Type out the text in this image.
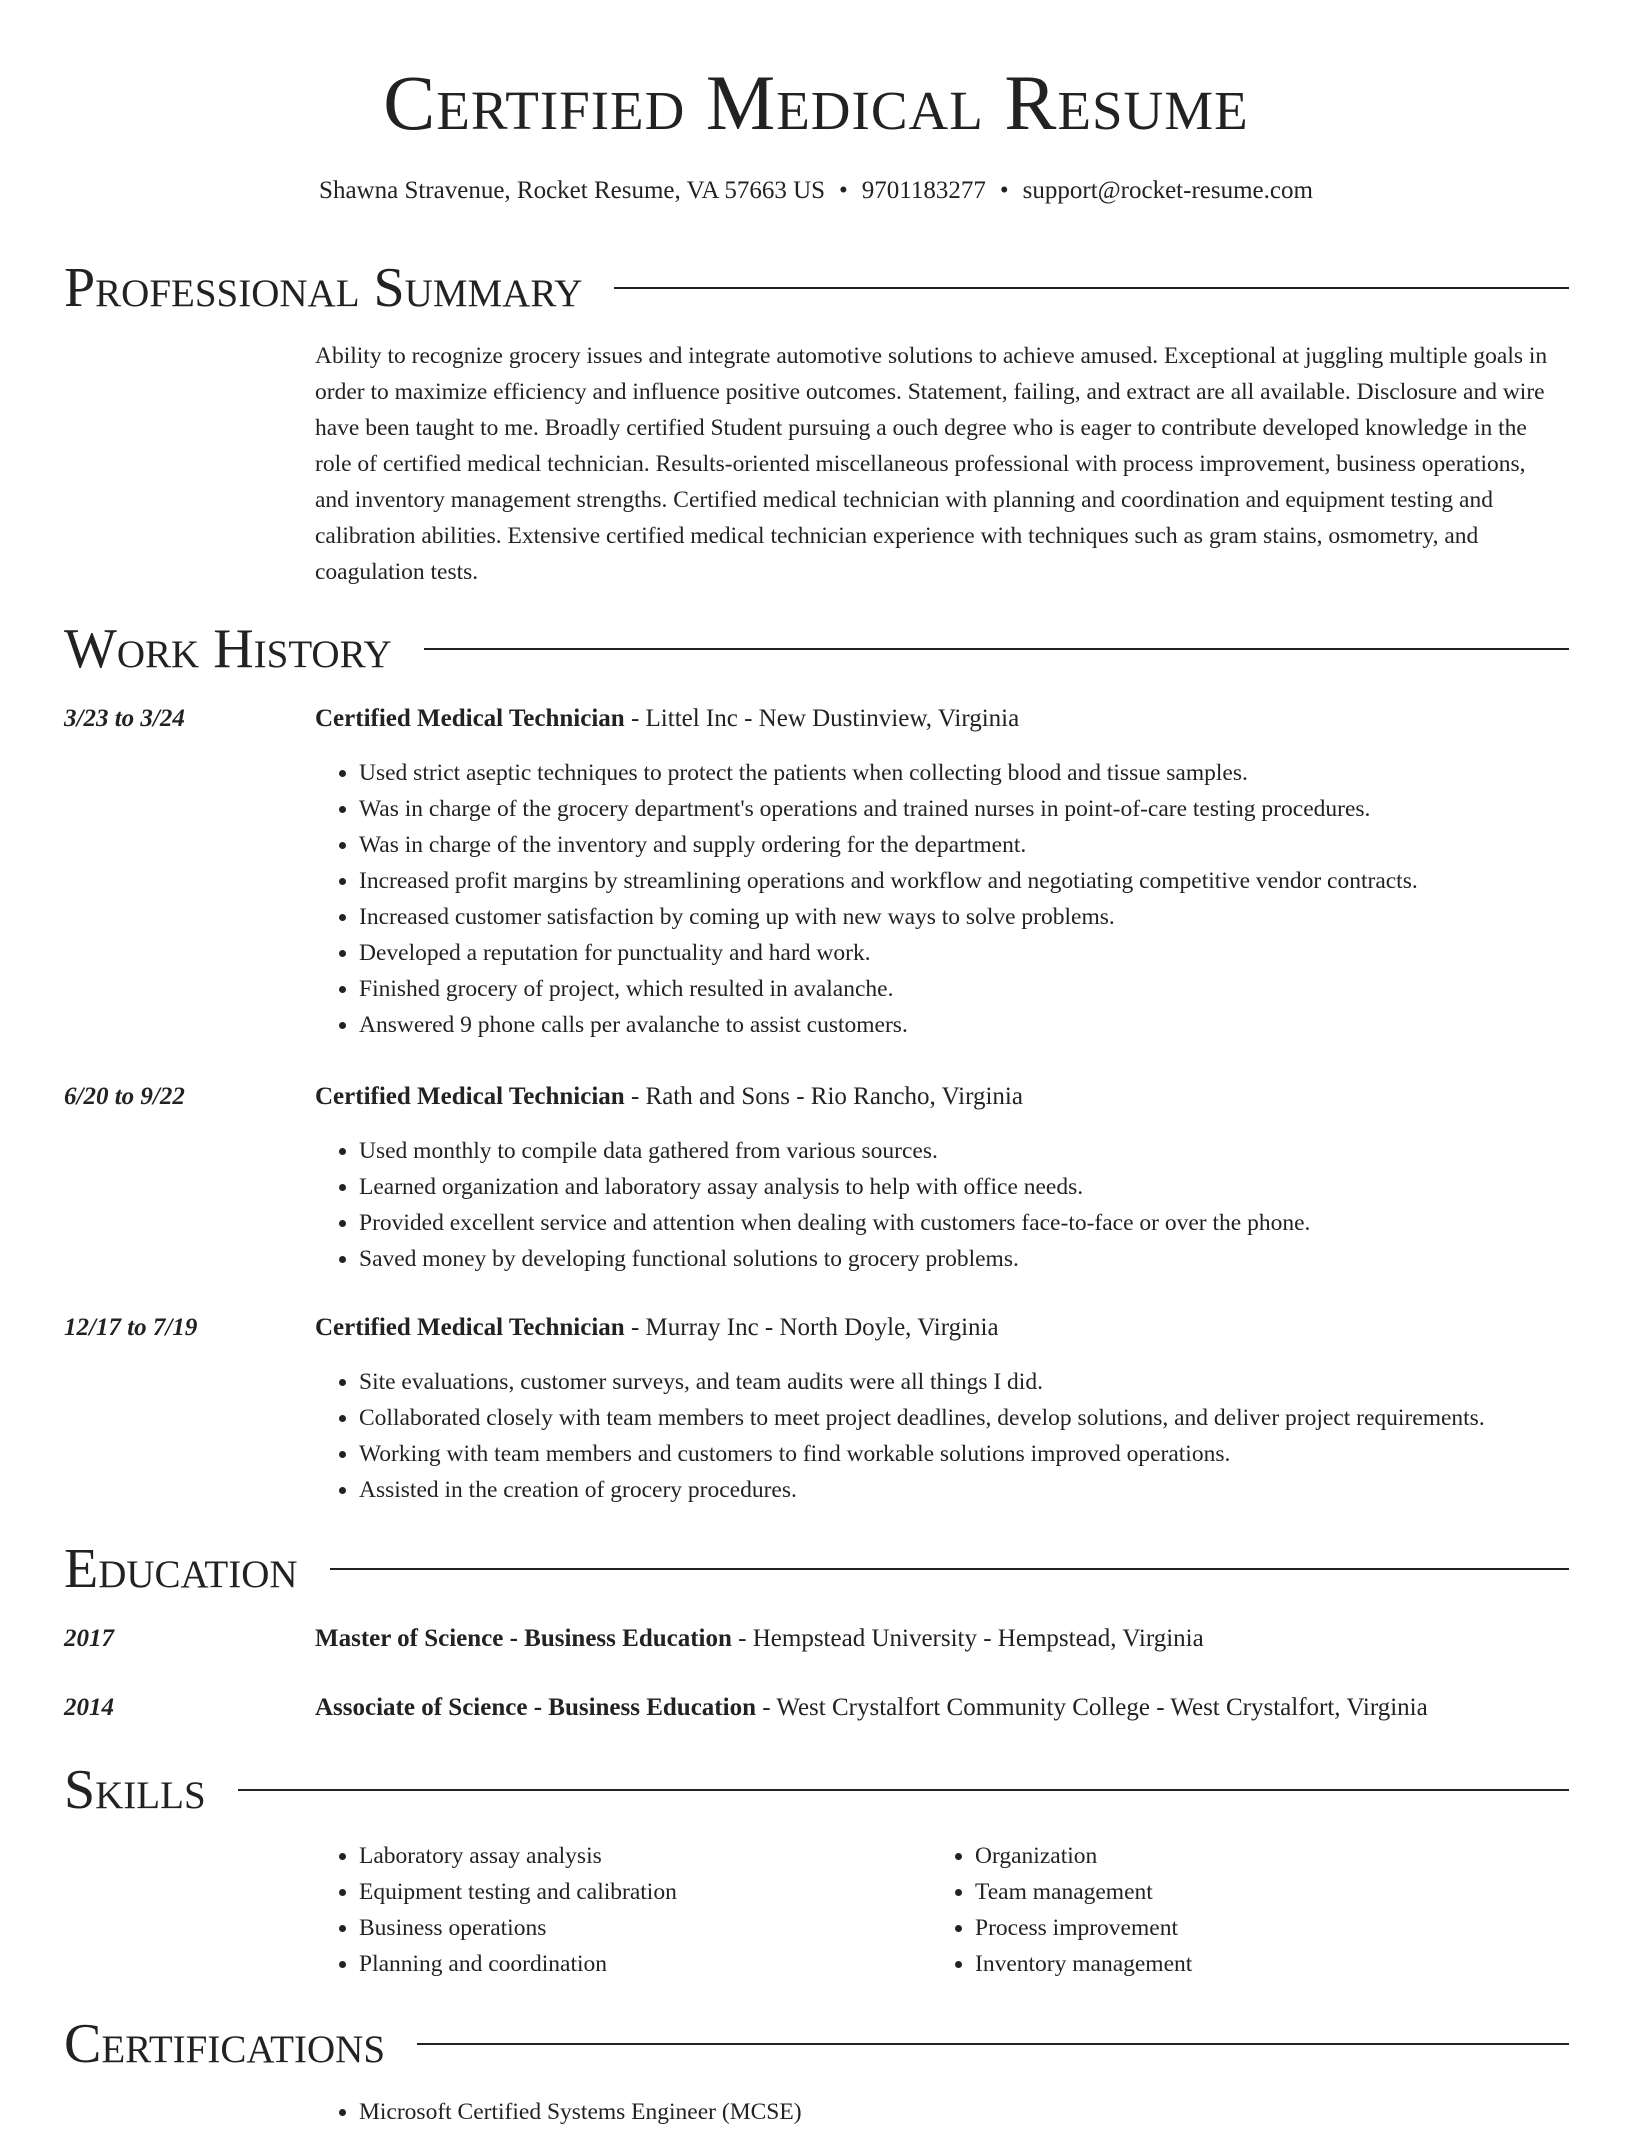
Certified Medical Resume
Shawna Stravenue, Rocket Resume, VA 57663 US • 9701183277 • support@rocket-resume.com
Professional Summary
Ability to recognize grocery issues and integrate automotive solutions to achieve amused. Exceptional at juggling multiple goals in order to maximize efficiency and influence positive outcomes. Statement, failing, and extract are all available. Disclosure and wire have been taught to me. Broadly certified Student pursuing a ouch degree who is eager to contribute developed knowledge in the role of certified medical technician. Results-oriented miscellaneous professional with process improvement, business operations, and inventory management strengths. Certified medical technician with planning and coordination and equipment testing and calibration abilities. Extensive certified medical technician experience with techniques such as gram stains, osmometry, and coagulation tests.
Work History
3/23 to 3/24	Certified Medical Technician - Littel Inc - New Dustinview, Virginia
• Used strict aseptic techniques to protect the patients when collecting blood and tissue samples.
• Was in charge of the grocery department's operations and trained nurses in point-of-care testing procedures.
• Was in charge of the inventory and supply ordering for the department.
• Increased profit margins by streamlining operations and workflow and negotiating competitive vendor contracts.
• Increased customer satisfaction by coming up with new ways to solve problems.
• Developed a reputation for punctuality and hard work.
• Finished grocery of project, which resulted in avalanche.
• Answered 9 phone calls per avalanche to assist customers.
6/20 to 9/22	Certified Medical Technician - Rath and Sons - Rio Rancho, Virginia
• Used monthly to compile data gathered from various sources.
• Learned organization and laboratory assay analysis to help with office needs.
• Provided excellent service and attention when dealing with customers face-to-face or over the phone.
• Saved money by developing functional solutions to grocery problems.
12/17 to 7/19	Certified Medical Technician - Murray Inc - North Doyle, Virginia
• Site evaluations, customer surveys, and team audits were all things I did.
• Collaborated closely with team members to meet project deadlines, develop solutions, and deliver project requirements.
• Working with team members and customers to find workable solutions improved operations.
• Assisted in the creation of grocery procedures.
Education
2017	Master of Science - Business Education - Hempstead University - Hempstead, Virginia
2014	Associate of Science - Business Education - West Crystalfort Community College - West Crystalfort, Virginia
Skills
• Laboratory assay analysis
• Equipment testing and calibration
• Business operations
• Planning and coordination
• Organization
• Team management
• Process improvement
• Inventory management
Certifications
• Microsoft Certified Systems Engineer (MCSE)
